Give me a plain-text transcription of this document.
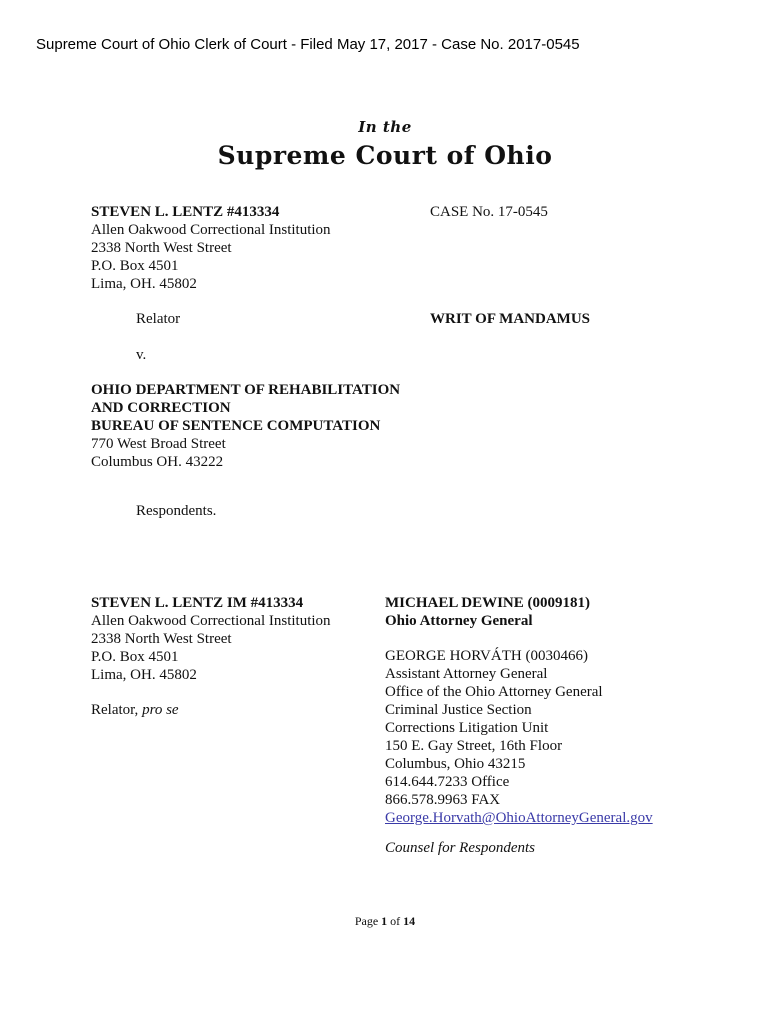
Supreme Court of Ohio Clerk of Court - Filed May 17, 2017 - Case No. 2017-0545
In the
Supreme Court of Ohio
STEVEN L. LENTZ #413334
Allen Oakwood Correctional Institution
2338 North West Street
P.O. Box 4501
Lima, OH. 45802
CASE No. 17-0545
Relator	WRIT OF MANDAMUS
v.
OHIO DEPARTMENT OF REHABILITATION
AND CORRECTION
BUREAU OF SENTENCE COMPUTATION
770 West Broad Street
Columbus OH. 43222
Respondents.
STEVEN L. LENTZ IM #413334
Allen Oakwood Correctional Institution
2338 North West Street
P.O. Box 4501
Lima, OH. 45802
Relator, pro se
MICHAEL DEWINE (0009181)
Ohio Attorney General
GEORGE HORVÁTH (0030466)
Assistant Attorney General
Office of the Ohio Attorney General
Criminal Justice Section
Corrections Litigation Unit
150 E. Gay Street, 16th Floor
Columbus, Ohio 43215
614.644.7233 Office
866.578.9963 FAX
George.Horvath@OhioAttorneyGeneral.gov
Counsel for Respondents
Page 1 of 14
